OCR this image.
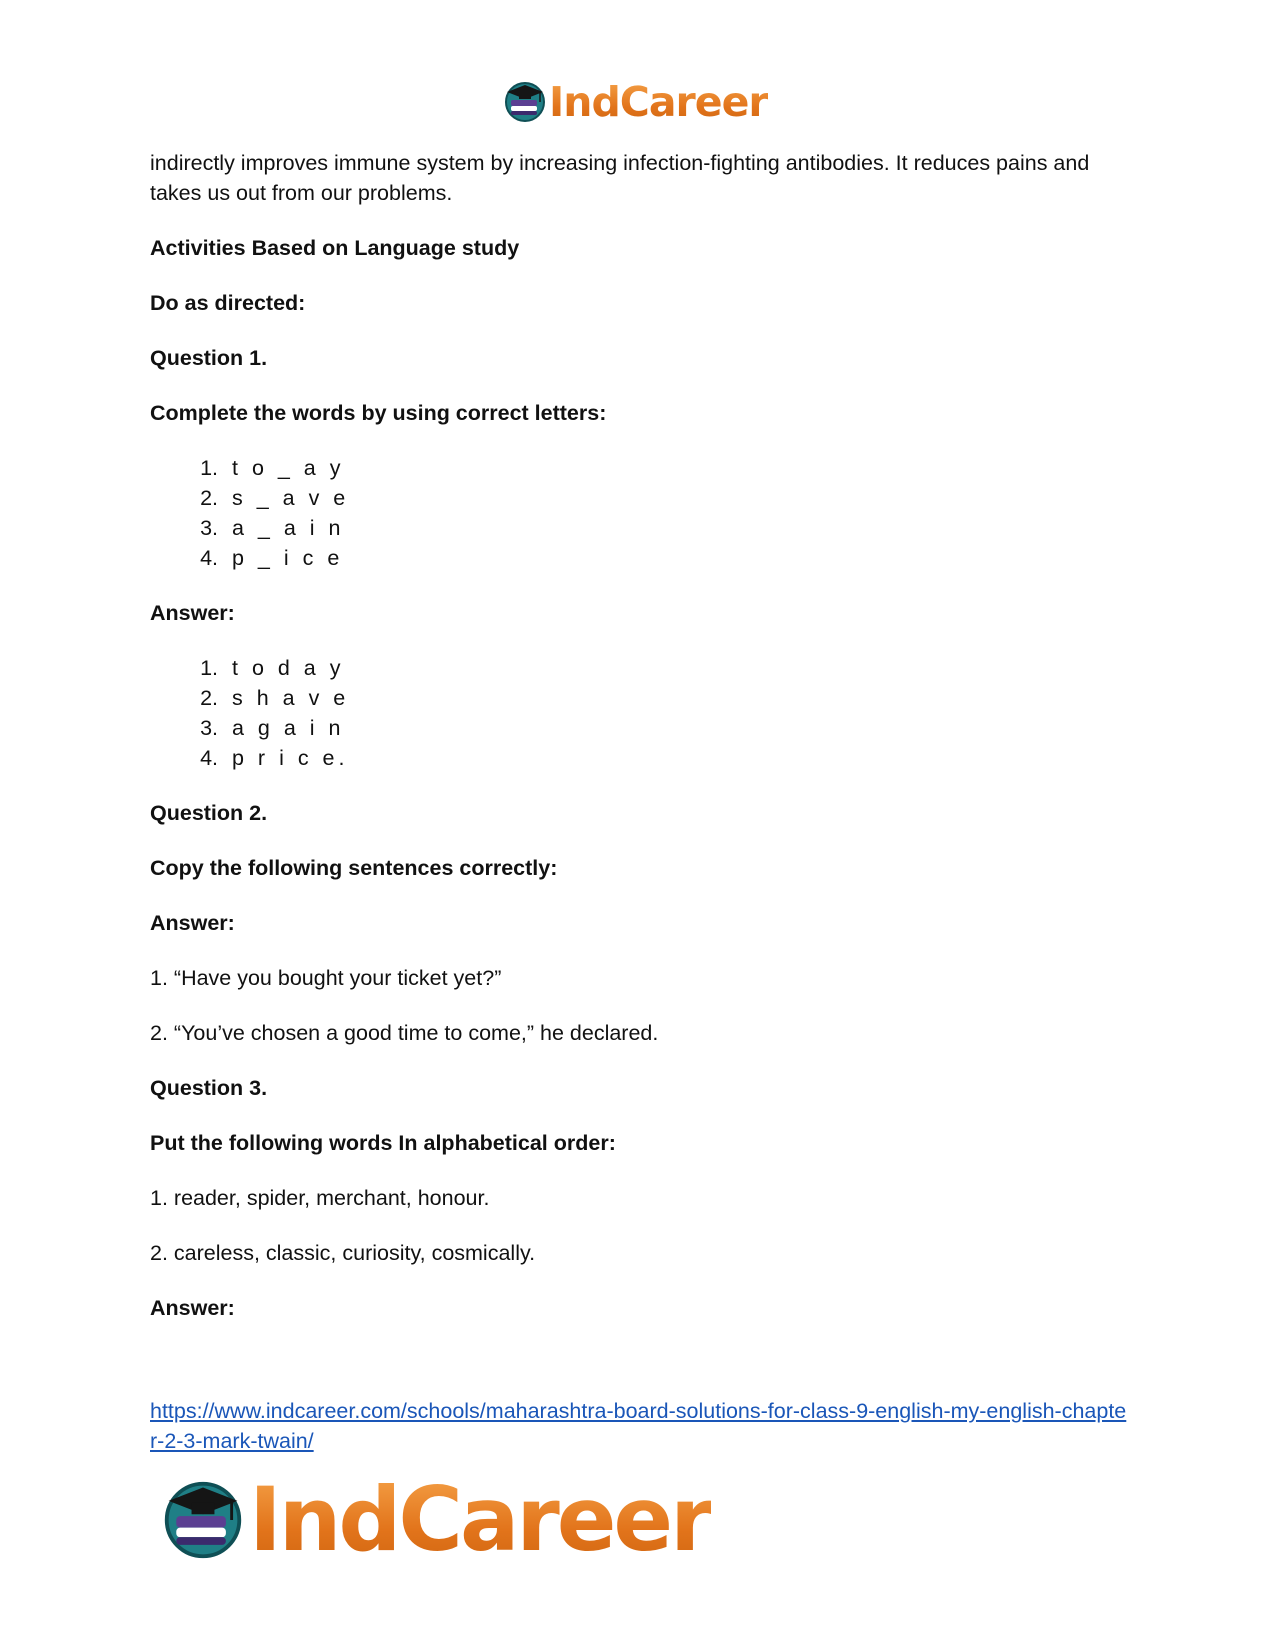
IndCareer

indirectly improves immune system by increasing infection-fighting antibodies. It reduces pains and takes us out from our problems.

Activities Based on Language study

Do as directed:

Question 1.

Complete the words by using correct letters:

1. t o _ a y
2. s _ a v e
3. a _ a i n
4. p _ i c e

Answer:

1. t o d a y
2. s h a v e
3. a g a i n
4. p r i c e.

Question 2.

Copy the following sentences correctly:

Answer:

1. “Have you bought your ticket yet?”

2. “You’ve chosen a good time to come,” he declared.

Question 3.

Put the following words In alphabetical order:

1. reader, spider, merchant, honour.

2. careless, classic, curiosity, cosmically.

Answer:

https://www.indcareer.com/schools/maharashtra-board-solutions-for-class-9-english-my-english-chapter-2-3-mark-twain/
IndCareer
